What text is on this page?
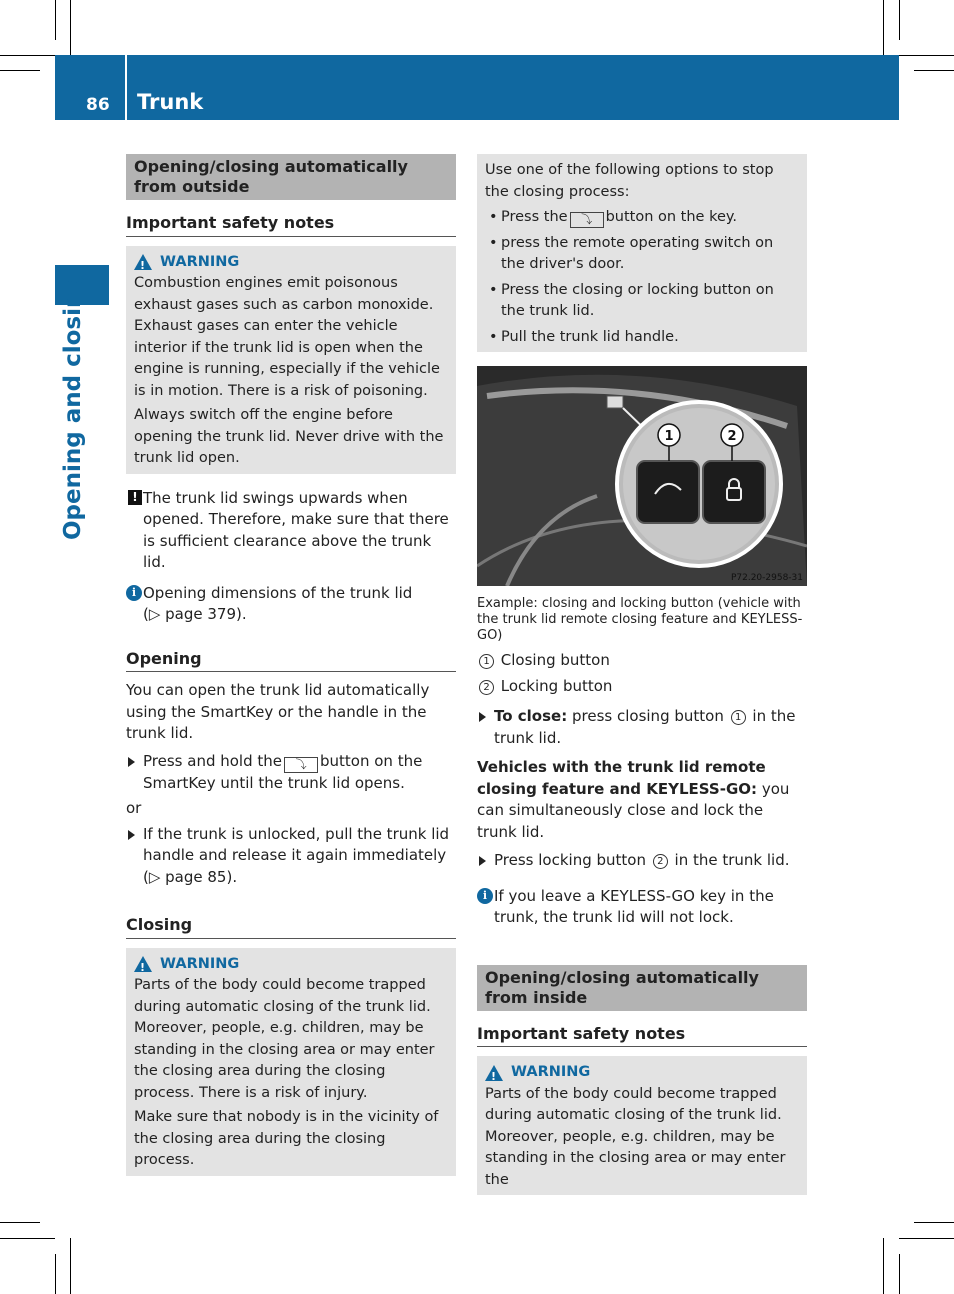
86 Trunk
Opening and closing
Opening/closing automatically from outside
Important safety notes
!
WARNING

Combustion engines emit poisonous exhaust gases such as carbon monoxide. Exhaust gases can enter the vehicle interior if the trunk lid is open when the engine is running, especially if the vehicle is in motion. There is a risk of poisoning.

Always switch off the engine before opening the trunk lid. Never drive with the trunk lid open.

! The trunk lid swings upwards when opened. Therefore, make sure that there is sufficient clearance above the trunk lid.
i Opening dimensions of the trunk lid
(▷ page 379).
Opening

You can open the trunk lid automatically using the SmartKey or the handle in the trunk lid.

Press and hold the ⤵ button on the SmartKey until the trunk lid opens.

or

If the trunk is unlocked, pull the trunk lid handle and release it again immediately (▷ page 85).
Closing
!
WARNING

Parts of the body could become trapped during automatic closing of the trunk lid. Moreover, people, e.g. children, may be standing in the closing area or may enter the closing area during the closing process. There is a risk of injury.

Make sure that nobody is in the vicinity of the closing area during the closing process.

Use one of the following options to stop the closing process:

• Press the ⤵ button on the key.
• press the remote operating switch on the driver's door.
• Press the closing or locking button on the trunk lid.
• Pull the trunk lid handle.
1	2
P72.20-2958-31
Example: closing and locking button (vehicle with the trunk lid remote closing feature and KEYLESS-GO)
1 Closing button
2 Locking button
To close: press closing button 1 in the trunk lid.

Vehicles with the trunk lid remote closing feature and KEYLESS-GO: you can simultaneously close and lock the trunk lid.

Press locking button 2 in the trunk lid.
i If you leave a KEYLESS-GO key in the trunk, the trunk lid will not lock.
Opening/closing automatically from inside
Important safety notes
!
WARNING

Parts of the body could become trapped during automatic closing of the trunk lid. Moreover, people, e.g. children, may be standing in the closing area or may enter the
